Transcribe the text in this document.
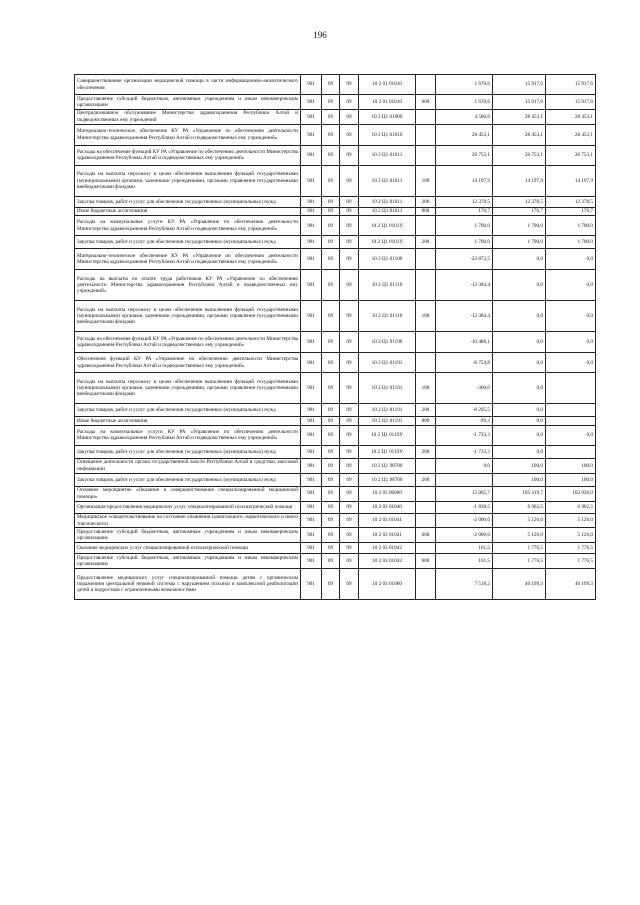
196
Совершенствование организации медицинской помощи в части информационно-аналитического обеспечения	901	09	09	10 2 01 01010		1 670,6	15 917,6	15 917,6
Предоставление субсидий бюджетным, автономным учреждениям и иным некоммерческим организациям	901	09	09	10 2 01 01010	600	1 670,6	15 917,6	15 917,6
Централизованное обслуживание Министерства здравоохранения Республики Алтай и подведомственных ему учреждений	901	09	09	10 2 Ц1 01000		4 580,6	28 453,1	28 453,1
Материально-техническое обеспечение КУ РА «Управление по обеспечению деятельности Министерства здравоохранения Республики Алтай и подведомственных ему учреждений»	901	09	09	10 2 Ц1 01010		28 453,1	28 453,1	28 453,1
Расходы на обеспечение функций КУ РА «Управление по обеспечению деятельности Министерства здравоохранения Республики Алтай и подведомственных ему учреждений»	901	09	09	10 2 Ц1 01011		26 753,1	26 753,1	26 753,1
Расходы на выплаты персоналу в целях обеспечения выполнения функций государственными (муниципальными) органами, казенными учреждениями, органами управления государственными внебюджетными фондами	901	09	09	10 2 Ц1 01011	100	14 197,9	14 197,9	14 197,9
Закупка товаров, работ и услуг для обеспечения государственных (муниципальных) нужд	901	09	09	10 2 Ц1 01011	200	12 378,5	12 378,5	12 378,5
Иные бюджетные ассигнования	901	09	09	10 2 Ц1 01011	800	176,7	176,7	176,7
Расходы на коммунальные услуги КУ РА «Управление по обеспечению деятельности Министерства здравоохранения Республики Алтай и подведомственных ему учреждений»	901	09	09	10 2 Ц1 0101У		1 700,0	1 700,0	1 700,0
Закупка товаров, работ и услуг для обеспечения государственных (муниципальных) нужд	901	09	09	10 2 Ц1 0101У	200	1 700,0	1 700,0	1 700,0
Материально-техническое обеспечение КУ РА «Управление по обеспечению деятельности Министерства здравоохранения Республики Алтай и подведомственных ему учреждений»	901	09	09	10 2 Ц1 01100		-23 872,5	0,0	0,0
Расходы на выплаты по оплате труда работников КУ РА «Управление по обеспечению деятельности Министерства здравоохранения Республики Алтай и подведомственных ему учреждений»	901	09	09	10 2 Ц1 01110		-13 384,4	0,0	0,0
Расходы на выплаты персоналу в целях обеспечения выполнения функций государственными (муниципальными) органами, казенными учреждениями, органами управления государственными внебюджетными фондами	901	09	09	10 2 Ц1 01110	100	-13 384,4	0,0	0,0
Расходы на обеспечение функций КУ РА «Управление по обеспечению деятельности Министерства здравоохранения Республики Алтай и подведомственных ему учреждений»	901	09	09	10 2 Ц1 01190		-10 488,1	0,0	0,0
Обеспечение функций КУ РА «Управление по обеспечению деятельности Министерства здравоохранения Республики Алтай и подведомственных ему учреждений»	901	09	09	10 2 Ц1 01191		-8 754,8	0,0	0,0
Расходы на выплаты персоналу в целях обеспечения выполнения функций государственными (муниципальными) органами, казенными учреждениями, органами управления государственными внебюджетными фондами	901	09	09	10 2 Ц1 01191	100	-360,0	0,0	
Закупка товаров, работ и услуг для обеспечения государственных (муниципальных) нужд	901	09	09	10 2 Ц1 01191	200	-8 295,5	0,0	
Иные бюджетные ассигнования	901	09	09	10 2 Ц1 01191	800	-99,3	0,0	
Расходы на коммунальные услуги КУ РА «Управление по обеспечению деятельности Министерства здравоохранения Республики Алтай и подведомственных ему учреждений»	901	09	09	10 2 Ц1 0119У		-1 733,3	0,0	0,0
Закупка товаров, работ и услуг для обеспечения государственных (муниципальных) нужд	901	09	09	10 2 Ц1 0119У	200	-1 733,3	0,0	
Освещение деятельности органа государственной власти Республики Алтай в средствах массовой информации	901	09	09	10 2 Ц1 98700		0,0	100,0	100,0
Закупка товаров, работ и услуг для обеспечения государственных (муниципальных) нужд	901	09	09	10 2 Ц1 98700	200		100,0	100,0
Основное мероприятие «Оказание и совершенствование специализированной медицинской помощи»	901	09	09	10 2 03 00000		15 065,7	105 319,7	102 030,0
Организация предоставления медицинских услуг специализированной психиатрической помощи	901	09	09	10 2 03 01040		-1 838,5	6 902,5	6 902,5
Медицинское освидетельствование на состояние опьянения (алкогольного, наркотического и иного токсического)	901	09	09	10 2 03 01041		-2 000,0	5 126,0	5 126,0
Предоставление субсидий бюджетным, автономным учреждениям и иным некоммерческим организациям	901	09	09	10 2 03 01041	600	-2 000,0	5 126,0	5 126,0
Оказание медицинских услуг специализированной психиатрической помощи	901	09	09	10 2 03 01042		161,5	1 776,5	1 776,5
Предоставление субсидий бюджетным, автономным учреждениям и иным некоммерческим организациям	901	09	09	10 2 03 01042	600	161,5	1 776,5	1 776,5
Предоставление медицинских услуг специализированной помощи детям с органическим поражением центральной нервной системы с нарушением психики и комплексной реабилитации детей и подростков с ограниченными возможностями	901	09	09	10 2 03 01060		7 518,2	46 199,3	46 199,3
